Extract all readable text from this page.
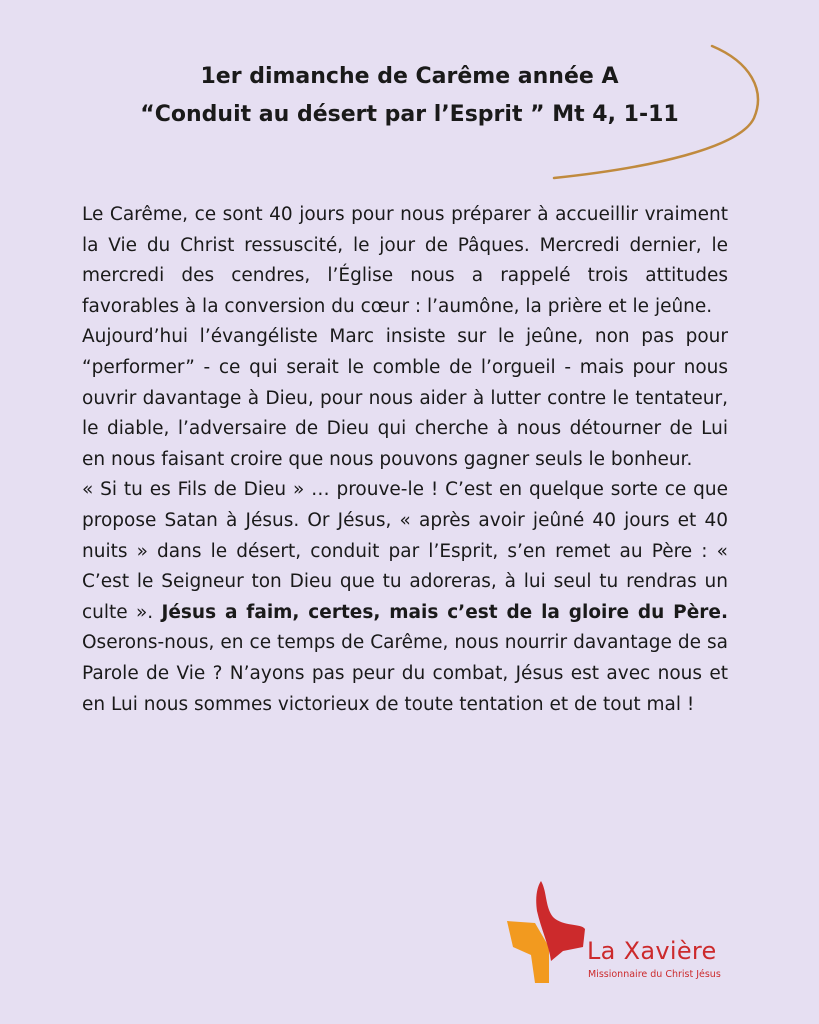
1er dimanche de Carême année A
“Conduit au désert par l’Esprit ” Mt 4, 1-11

Le Carême, ce sont 40 jours pour nous préparer à accueillir vraiment la Vie du Christ ressuscité, le jour de Pâques. Mercredi dernier, le mercredi des cendres, l’Église nous a rappelé trois attitudes favorables à la conversion du cœur : l’aumône, la prière et le jeûne.

Aujourd’hui l’évangéliste Marc insiste sur le jeûne, non pas pour “performer” - ce qui serait le comble de l’orgueil - mais pour nous ouvrir davantage à Dieu, pour nous aider à lutter contre le tentateur, le diable, l’adversaire de Dieu qui cherche à nous détourner de Lui en nous faisant croire que nous pouvons gagner seuls le bonheur.

« Si tu es Fils de Dieu » … prouve-le ! C’est en quelque sorte ce que propose Satan à Jésus. Or Jésus, « après avoir jeûné 40 jours et 40 nuits » dans le désert, conduit par l’Esprit, s’en remet au Père : « C’est le Seigneur ton Dieu que tu adoreras, à lui seul tu rendras un culte ». Jésus a faim, certes, mais c’est de la gloire du Père. Oserons-nous, en ce temps de Carême, nous nourrir davantage de sa Parole de Vie ? N’ayons pas peur du combat, Jésus est avec nous et en Lui nous sommes victorieux de toute tentation et de tout mal !

La Xavière
Missionnaire du Christ Jésus
